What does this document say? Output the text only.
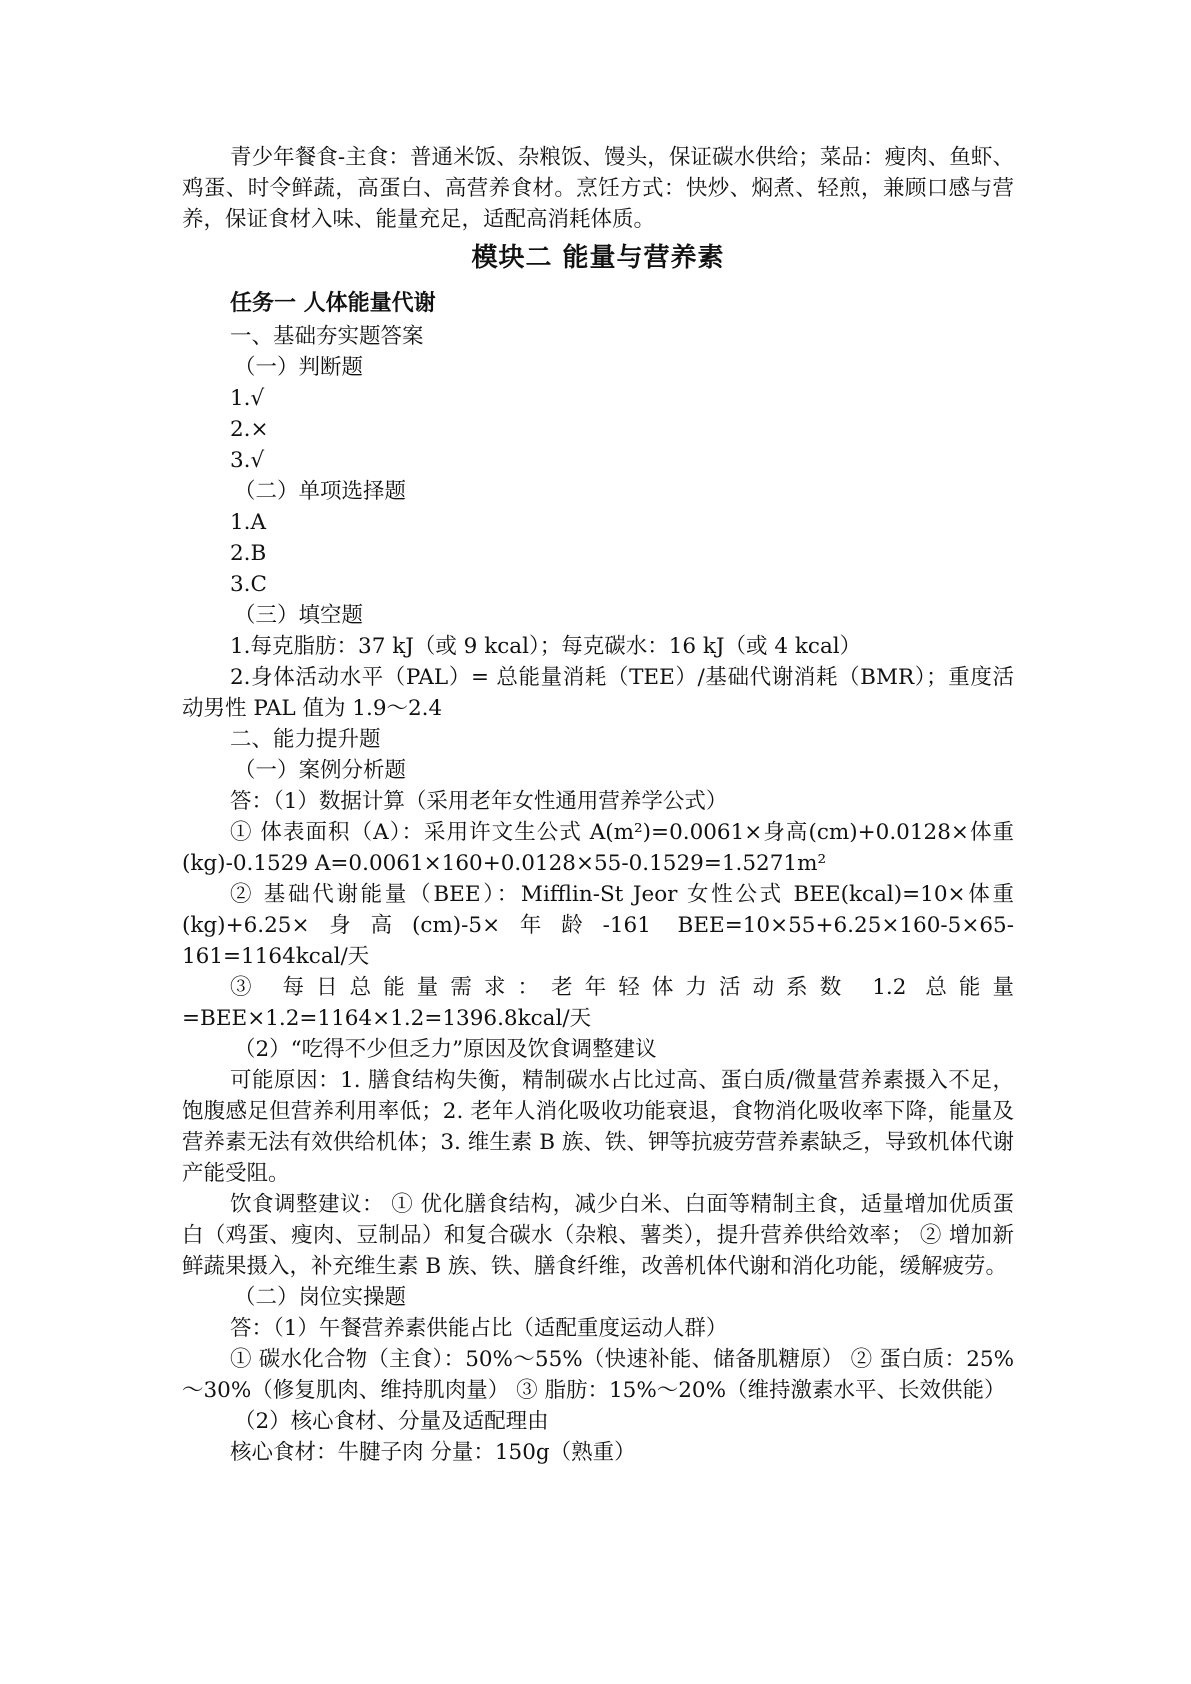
青少年餐食-主食：普通米饭、杂粮饭、馒头，保证碳水供给；菜品：瘦肉、鱼虾、鸡蛋、时令鲜蔬，高蛋白、高营养食材。烹饪方式：快炒、焖煮、轻煎，兼顾口感与营养，保证食材入味、能量充足，适配高消耗体质。

模块二 能量与营养素

任务一 人体能量代谢

一、基础夯实题答案

（一）判断题

1.√

2.×

3.√

（二）单项选择题

1.A

2.B

3.C

（三）填空题

1.每克脂肪：37 kJ（或 9 kcal）；每克碳水：16 kJ（或 4 kcal）

2.身体活动水平（PAL）= 总能量消耗（TEE）/基础代谢消耗（BMR）；重度活动男性 PAL 值为 1.9～2.4

二、能力提升题

（一）案例分析题

答：（1）数据计算（采用老年女性通用营养学公式）

① 体表面积（A）：采用许文生公式 A(m²)=0.0061×身高(cm)+0.0128×体重(kg)-0.1529 A=0.0061×160+0.0128×55-0.1529=1.5271m²

② 基础代谢能量（BEE）：Mifflin-St Jeor 女性公式 BEE(kcal)=10×体重(kg)+6.25×身高(cm)-5×年龄-161 BEE=10×55+6.25×160-5×65-161=1164kcal/天

③ 每日总能量需求：老年轻体力活动系数 1.2 总能量=BEE×1.2=1164×1.2=1396.8kcal/天

（2）“吃得不少但乏力”原因及饮食调整建议

可能原因：1. 膳食结构失衡，精制碳水占比过高、蛋白质/微量营养素摄入不足，饱腹感足但营养利用率低；2. 老年人消化吸收功能衰退，食物消化吸收率下降，能量及营养素无法有效供给机体；3. 维生素 B 族、铁、钾等抗疲劳营养素缺乏，导致机体代谢产能受阻。

饮食调整建议： ① 优化膳食结构，减少白米、白面等精制主食，适量增加优质蛋白（鸡蛋、瘦肉、豆制品）和复合碳水（杂粮、薯类），提升营养供给效率； ② 增加新鲜蔬果摄入，补充维生素 B 族、铁、膳食纤维，改善机体代谢和消化功能，缓解疲劳。

（二）岗位实操题

答：（1）午餐营养素供能占比（适配重度运动人群）

① 碳水化合物（主食）：50%～55%（快速补能、储备肌糖原） ② 蛋白质：25%～30%（修复肌肉、维持肌肉量） ③ 脂肪：15%～20%（维持激素水平、长效供能）

（2）核心食材、分量及适配理由

核心食材：牛腱子肉 分量：150g（熟重）
